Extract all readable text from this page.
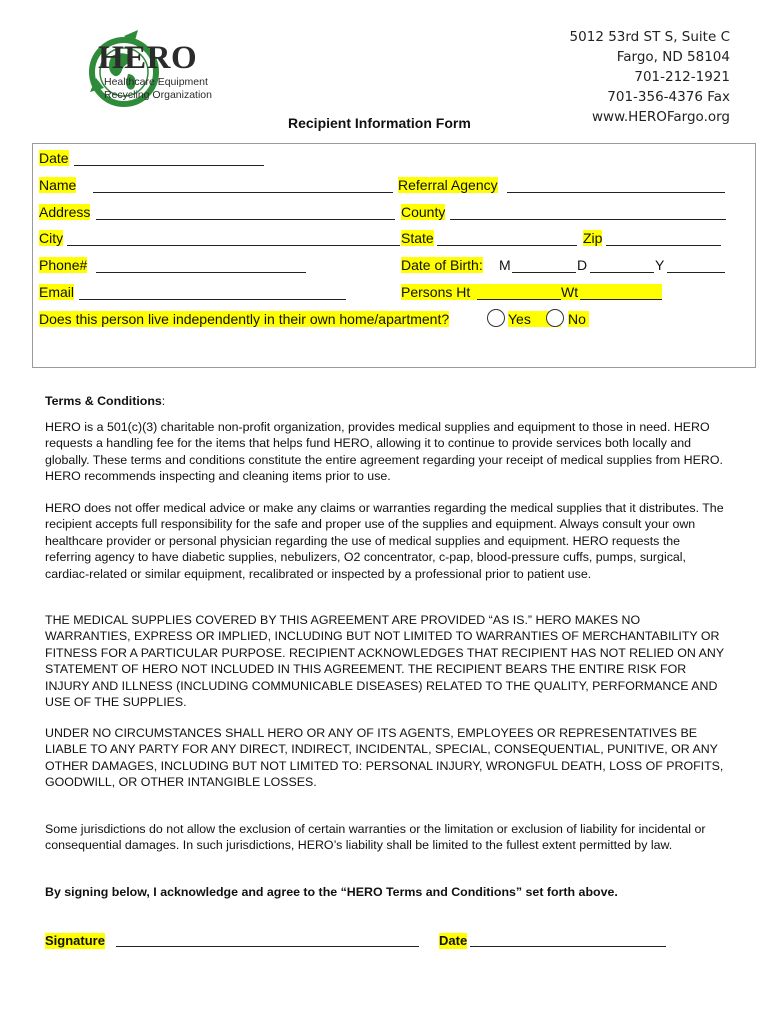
HERO
Healthcare Equipment
Recycling Organization
5012 53rd ST S, Suite C
Fargo, ND 58104
701-212-1921
701-356-4376 Fax
www.HEROFargo.org
Recipient Information Form
Date
Name	Referral Agency
Address	County
City	State	Zip
Phone#	Date of Birth: M	D	Y
Email	Persons Ht	Wt
Does this person live independently in their own home/apartment?	Yes	No
Terms & Conditions:
HERO is a 501(c)(3) charitable non-profit organization, provides medical supplies and equipment to those in need. HERO requests a handling fee for the items that helps fund HERO, allowing it to continue to provide services both locally and globally. These terms and conditions constitute the entire agreement regarding your receipt of medical supplies from HERO. HERO recommends inspecting and cleaning items prior to use.
HERO does not offer medical advice or make any claims or warranties regarding the medical supplies that it distributes. The recipient accepts full responsibility for the safe and proper use of the supplies and equipment. Always consult your own healthcare provider or personal physician regarding the use of medical supplies and equipment. HERO requests the referring agency to have diabetic supplies, nebulizers, O2 concentrator, c-pap, blood-pressure cuffs, pumps, surgical, cardiac-related or similar equipment, recalibrated or inspected by a professional prior to patient use.
THE MEDICAL SUPPLIES COVERED BY THIS AGREEMENT ARE PROVIDED “AS IS.” HERO MAKES NO WARRANTIES, EXPRESS OR IMPLIED, INCLUDING BUT NOT LIMITED TO WARRANTIES OF MERCHANTABILITY OR FITNESS FOR A PARTICULAR PURPOSE. RECIPIENT ACKNOWLEDGES THAT RECIPIENT HAS NOT RELIED ON ANY STATEMENT OF HERO NOT INCLUDED IN THIS AGREEMENT. THE RECIPIENT BEARS THE ENTIRE RISK FOR INJURY AND ILLNESS (INCLUDING COMMUNICABLE DISEASES) RELATED TO THE QUALITY, PERFORMANCE AND USE OF THE SUPPLIES.
UNDER NO CIRCUMSTANCES SHALL HERO OR ANY OF ITS AGENTS, EMPLOYEES OR REPRESENTATIVES BE LIABLE TO ANY PARTY FOR ANY DIRECT, INDIRECT, INCIDENTAL, SPECIAL, CONSEQUENTIAL, PUNITIVE, OR ANY OTHER DAMAGES, INCLUDING BUT NOT LIMITED TO: PERSONAL INJURY, WRONGFUL DEATH, LOSS OF PROFITS, GOODWILL, OR OTHER INTANGIBLE LOSSES.
Some jurisdictions do not allow the exclusion of certain warranties or the limitation or exclusion of liability for incidental or consequential damages. In such jurisdictions, HERO’s liability shall be limited to the fullest extent permitted by law.
By signing below, I acknowledge and agree to the “HERO Terms and Conditions” set forth above.
Signature	Date
